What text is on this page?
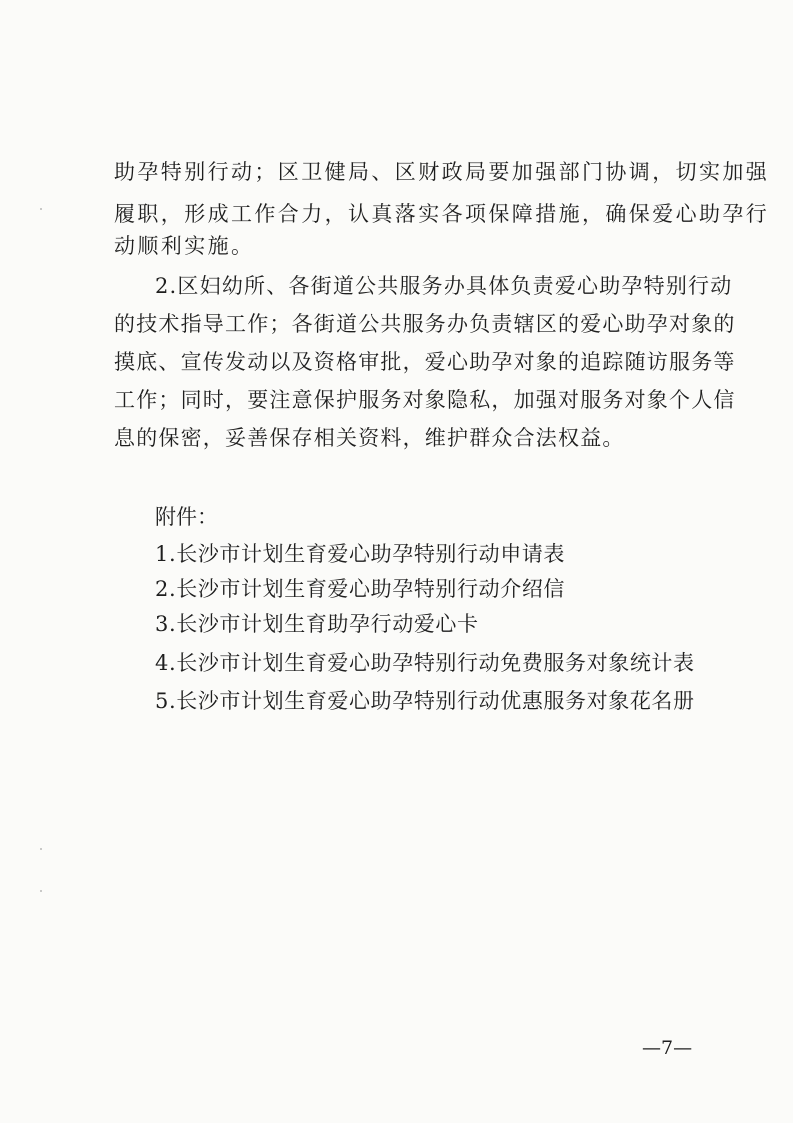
助孕特别行动；区卫健局、区财政局要加强部门协调，切实加强
履职，形成工作合力，认真落实各项保障措施，确保爱心助孕行
动顺利实施。
2.区妇幼所、各街道公共服务办具体负责爱心助孕特别行动
的技术指导工作；各街道公共服务办负责辖区的爱心助孕对象的
摸底、宣传发动以及资格审批，爱心助孕对象的追踪随访服务等
工作；同时，要注意保护服务对象隐私，加强对服务对象个人信
息的保密，妥善保存相关资料，维护群众合法权益。
附件：
1.长沙市计划生育爱心助孕特别行动申请表
2.长沙市计划生育爱心助孕特别行动介绍信
3.长沙市计划生育助孕行动爱心卡
4.长沙市计划生育爱心助孕特别行动免费服务对象统计表
5.长沙市计划生育爱心助孕特别行动优惠服务对象花名册
—7—
